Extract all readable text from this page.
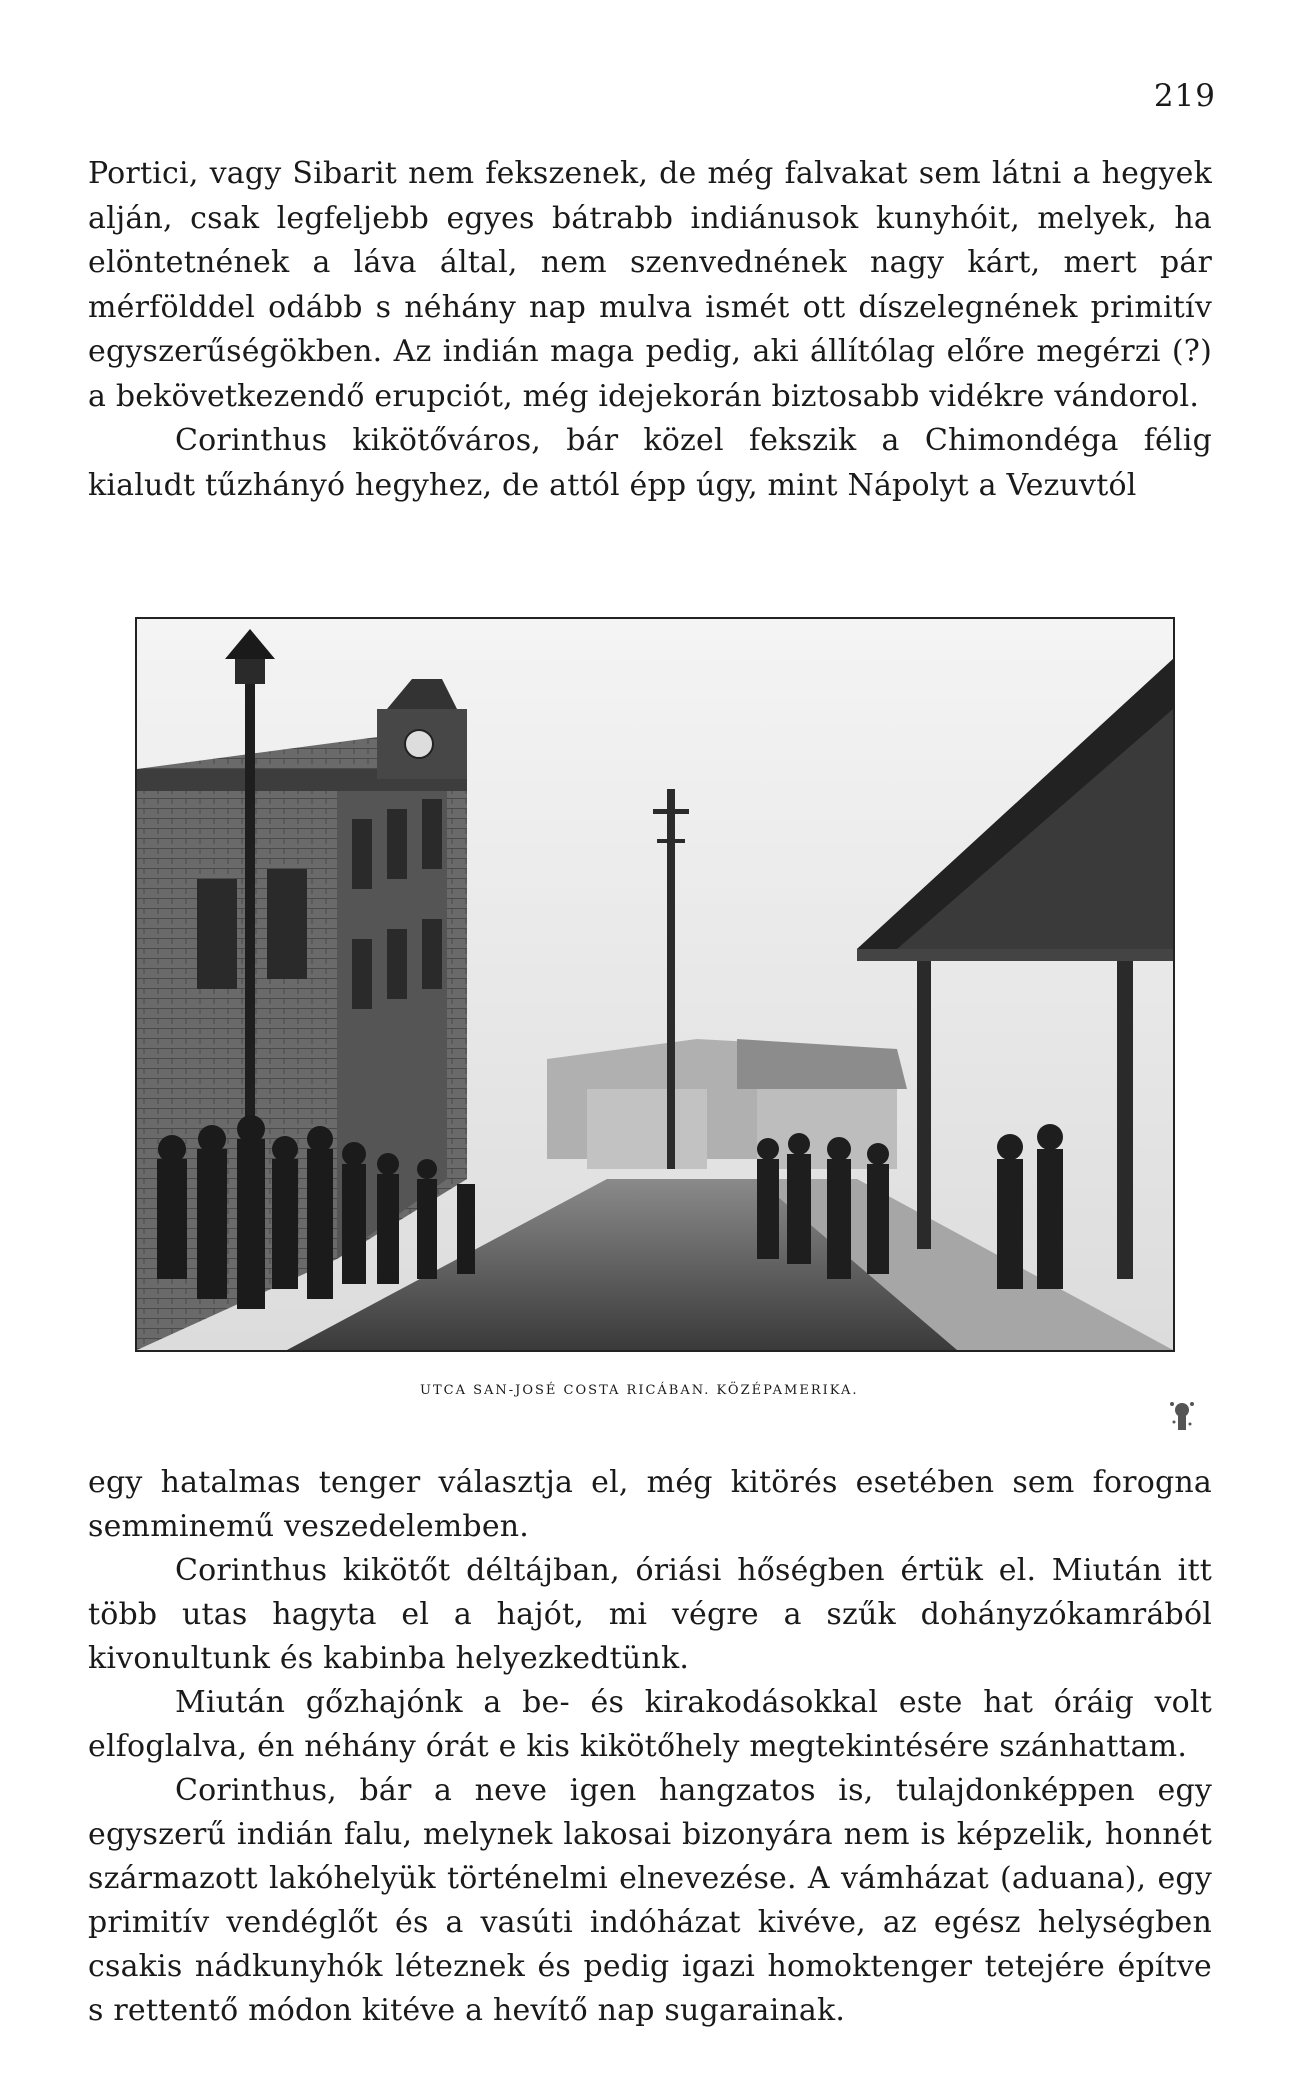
219

Portici, vagy Sibarit nem fekszenek, de még falvakat sem látni a hegyek alján, csak legfeljebb egyes bátrabb indiánusok kunyhóit, melyek, ha elöntetnének a láva által, nem szenvednének nagy kárt, mert pár mérfölddel odább s néhány nap mulva ismét ott díszelegnének primitív egyszerűségökben. Az indián maga pedig, aki állítólag előre megérzi (?) a bekövetkezendő erupciót, még idejekorán biztosabb vidékre vándorol.

Corinthus kikötőváros, bár közel fekszik a Chimondéga félig kialudt tűzhányó hegyhez, de attól épp úgy, mint Nápolyt a Vezuvtól

UTCA SAN-JOSÉ COSTA RICÁBAN. KÖZÉPAMERIKA.

egy hatalmas tenger választja el, még kitörés esetében sem forogna semminemű veszedelemben.

Corinthus kikötőt déltájban, óriási hőségben értük el. Miután itt több utas hagyta el a hajót, mi végre a szűk dohányzókamrából kivonultunk és kabinba helyezkedtünk.

Miután gőzhajónk a be- és kirakodásokkal este hat óráig volt elfoglalva, én néhány órát e kis kikötőhely megtekintésére szánhattam.

Corinthus, bár a neve igen hangzatos is, tulajdonképpen egy egyszerű indián falu, melynek lakosai bizonyára nem is képzelik, honnét származott lakóhelyük történelmi elnevezése. A vámházat (aduana), egy primitív vendéglőt és a vasúti indóházat kivéve, az egész helységben csakis nádkunyhók léteznek és pedig igazi homoktenger tetejére építve s rettentő módon kitéve a hevítő nap sugarainak.
